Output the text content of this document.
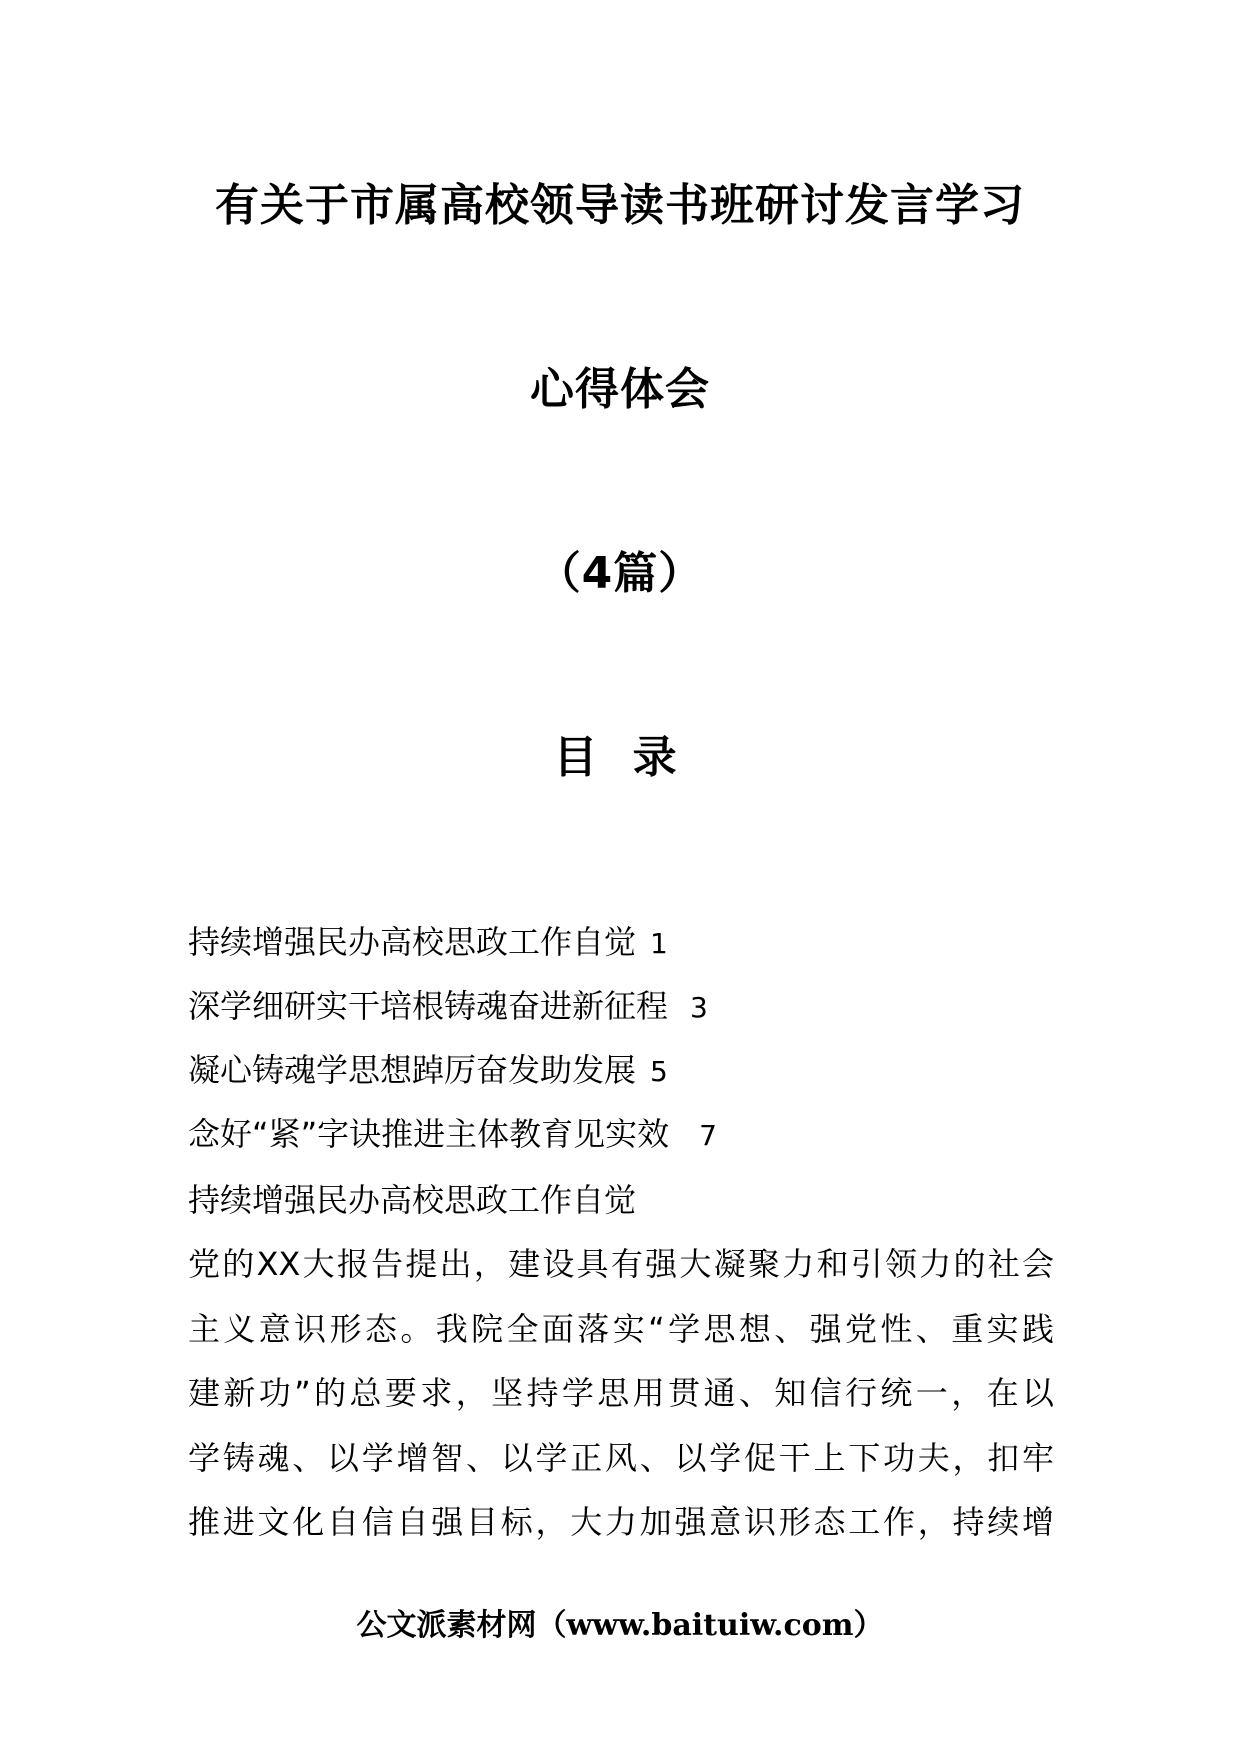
有关于市属高校领导读书班研讨发言学习
心得体会
（4篇）
目 录
持续增强民办高校思政工作自觉 1
深学细研实干培根铸魂奋进新征程 3
凝心铸魂学思想踔厉奋发助发展 5
念好“紧”字诀推进主体教育见实效 7
持续增强民办高校思政工作自觉
党的XX大报告提出，建设具有强大凝聚力和引领力的社会
主义意识形态。我院全面落实“学思想、强党性、重实践
建新功”的总要求，坚持学思用贯通、知信行统一，在以
学铸魂、以学增智、以学正风、以学促干上下功夫，扣牢
推进文化自信自强目标，大力加强意识形态工作，持续增
公文派素材网（www.baituiw.com）
